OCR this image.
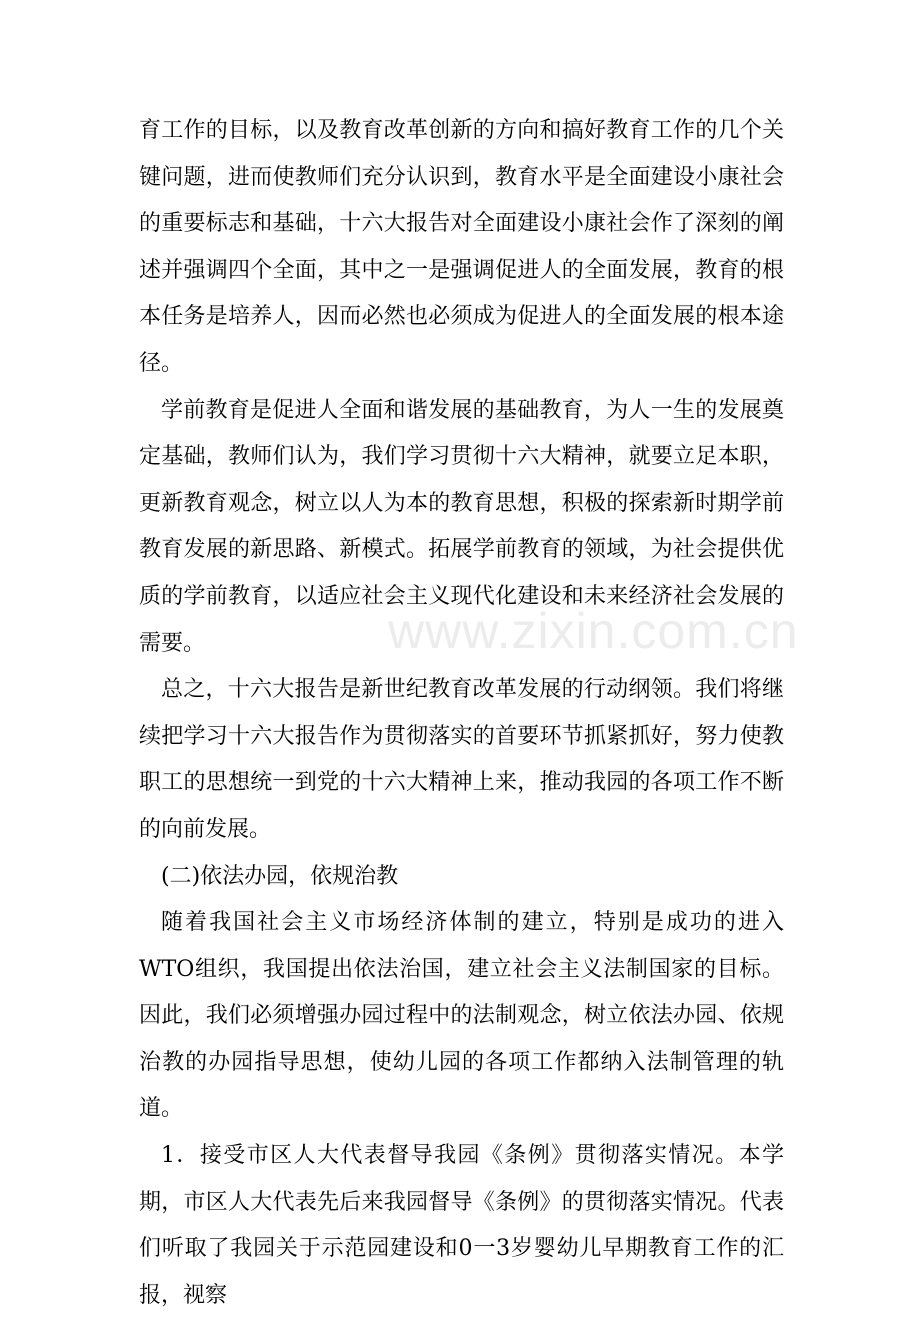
育工作的目标，以及教育改革创新的方向和搞好教育工作的几个关键问题，进而使教师们充分认识到，教育水平是全面建设小康社会的重要标志和基础，十六大报告对全面建设小康社会作了深刻的阐述并强调四个全面，其中之一是强调促进人的全面发展，教育的根本任务是培养人，因而必然也必须成为促进人的全面发展的根本途径。

学前教育是促进人全面和谐发展的基础教育，为人一生的发展奠定基础，教师们认为，我们学习贯彻十六大精神，就要立足本职，更新教育观念，树立以人为本的教育思想，积极的探索新时期学前教育发展的新思路、新模式。拓展学前教育的领域，为社会提供优质的学前教育，以适应社会主义现代化建设和未来经济社会发展的需要。

总之，十六大报告是新世纪教育改革发展的行动纲领。我们将继续把学习十六大报告作为贯彻落实的首要环节抓紧抓好，努力使教职工的思想统一到党的十六大精神上来，推动我园的各项工作不断的向前发展。

(二)依法办园，依规治教

随着我国社会主义市场经济体制的建立，特别是成功的进入WTO组织，我国提出依法治国，建立社会主义法制国家的目标。因此，我们必须增强办园过程中的法制观念，树立依法办园、依规治教的办园指导思想，使幼儿园的各项工作都纳入法制管理的轨道。

1．接受市区人大代表督导我园《条例》贯彻落实情况。本学期，市区人大代表先后来我园督导《条例》的贯彻落实情况。代表们听取了我园关于示范园建设和0一3岁婴幼儿早期教育工作的汇报，视察

www.zixin.com.cn
